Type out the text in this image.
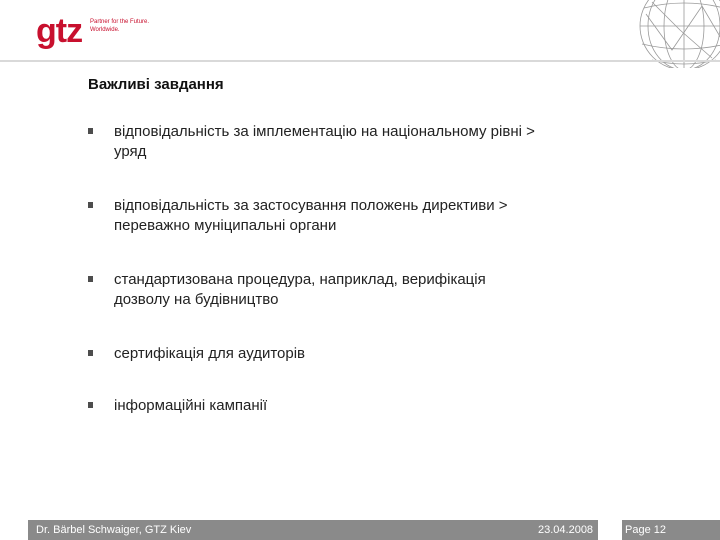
gtz Partner for the Future.
Worldwide.
Важливі завдання
відповідальність за імплементацію на національному рівні >
уряд
відповідальність за застосування положень директиви >
переважно муніципальні органи
стандартизована процедура, наприклад, верифікація
дозволу на будівництво
сертифікація для аудиторів
інформаційні кампанії
Dr. Bärbel Schwaiger, GTZ Kiev	23.04.2008	Page 12
